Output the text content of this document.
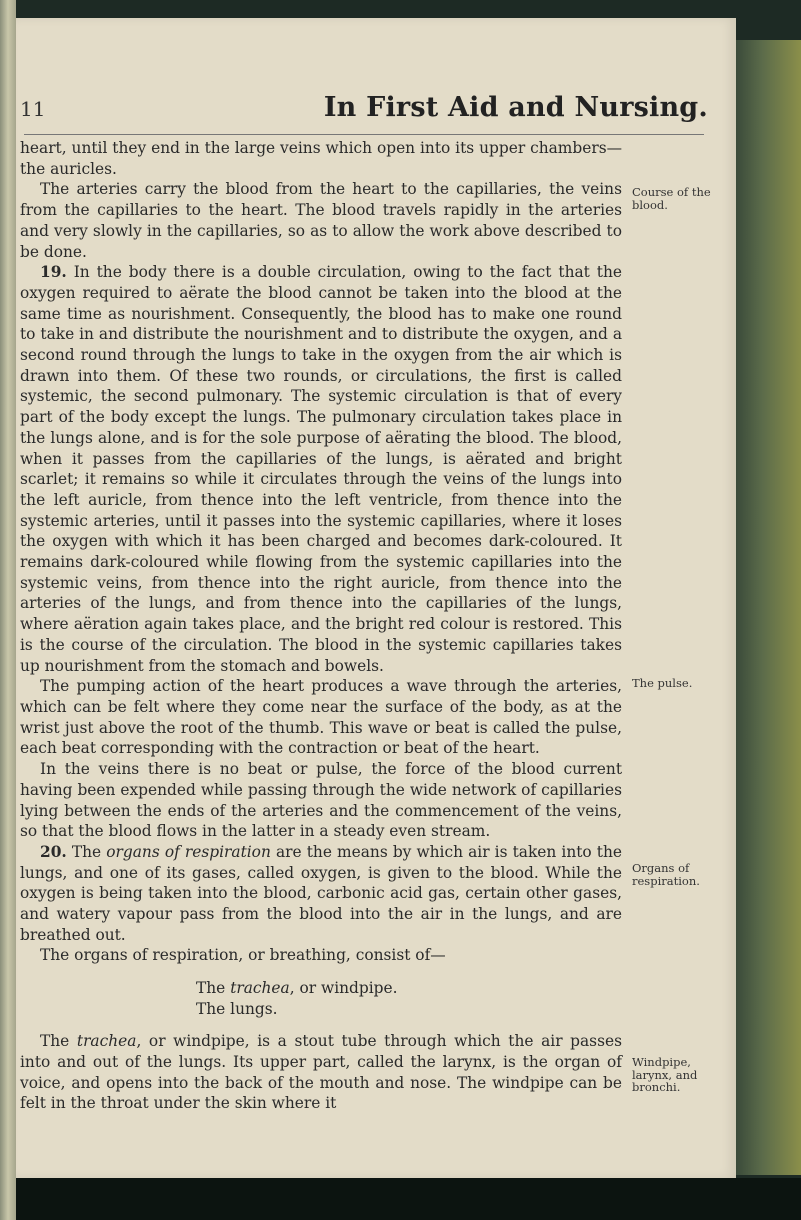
11	In First Aid and Nursing.

heart, until they end in the large veins which open into its upper chambers—the auricles.

The arteries carry the blood from the heart to the capillaries, the veins from the capillaries to the heart. The blood travels rapidly in the arteries and very slowly in the capillaries, so as to allow the work above described to be done.

19. In the body there is a double circulation, owing to the fact that the oxygen required to aërate the blood cannot be taken into the blood at the same time as nourishment. Consequently, the blood has to make one round to take in and distribute the nourishment and to distribute the oxygen, and a second round through the lungs to take in the oxygen from the air which is drawn into them. Of these two rounds, or circulations, the first is called systemic, the second pulmonary. The systemic circulation is that of every part of the body except the lungs. The pulmonary circulation takes place in the lungs alone, and is for the sole purpose of aërating the blood. The blood, when it passes from the capillaries of the lungs, is aërated and bright scarlet; it remains so while it circulates through the veins of the lungs into the left auricle, from thence into the left ventricle, from thence into the systemic arteries, until it passes into the systemic capillaries, where it loses the oxygen with which it has been charged and becomes dark-coloured. It remains dark-coloured while flowing from the systemic capillaries into the systemic veins, from thence into the right auricle, from thence into the arteries of the lungs, and from thence into the capillaries of the lungs, where aëration again takes place, and the bright red colour is restored. This is the course of the circulation. The blood in the systemic capillaries takes up nourishment from the stomach and bowels.

The pumping action of the heart produces a wave through the arteries, which can be felt where they come near the surface of the body, as at the wrist just above the root of the thumb. This wave or beat is called the pulse, each beat corresponding with the contraction or beat of the heart.

In the veins there is no beat or pulse, the force of the blood current having been expended while passing through the wide network of capillaries lying between the ends of the arteries and the commencement of the veins, so that the blood flows in the latter in a steady even stream.

20. The organs of respiration are the means by which air is taken into the lungs, and one of its gases, called oxygen, is given to the blood. While the oxygen is being taken into the blood, carbonic acid gas, certain other gases, and watery vapour pass from the blood into the air in the lungs, and are breathed out.

The organs of respiration, or breathing, consist of—

The trachea, or windpipe.
The lungs.

The trachea, or windpipe, is a stout tube through which the air passes into and out of the lungs. Its upper part, called the larynx, is the organ of voice, and opens into the back of the mouth and nose. The windpipe can be felt in the throat under the skin where it

Course of the blood.
The pulse.
Organs of respiration.
Windpipe, larynx, and bronchi.
